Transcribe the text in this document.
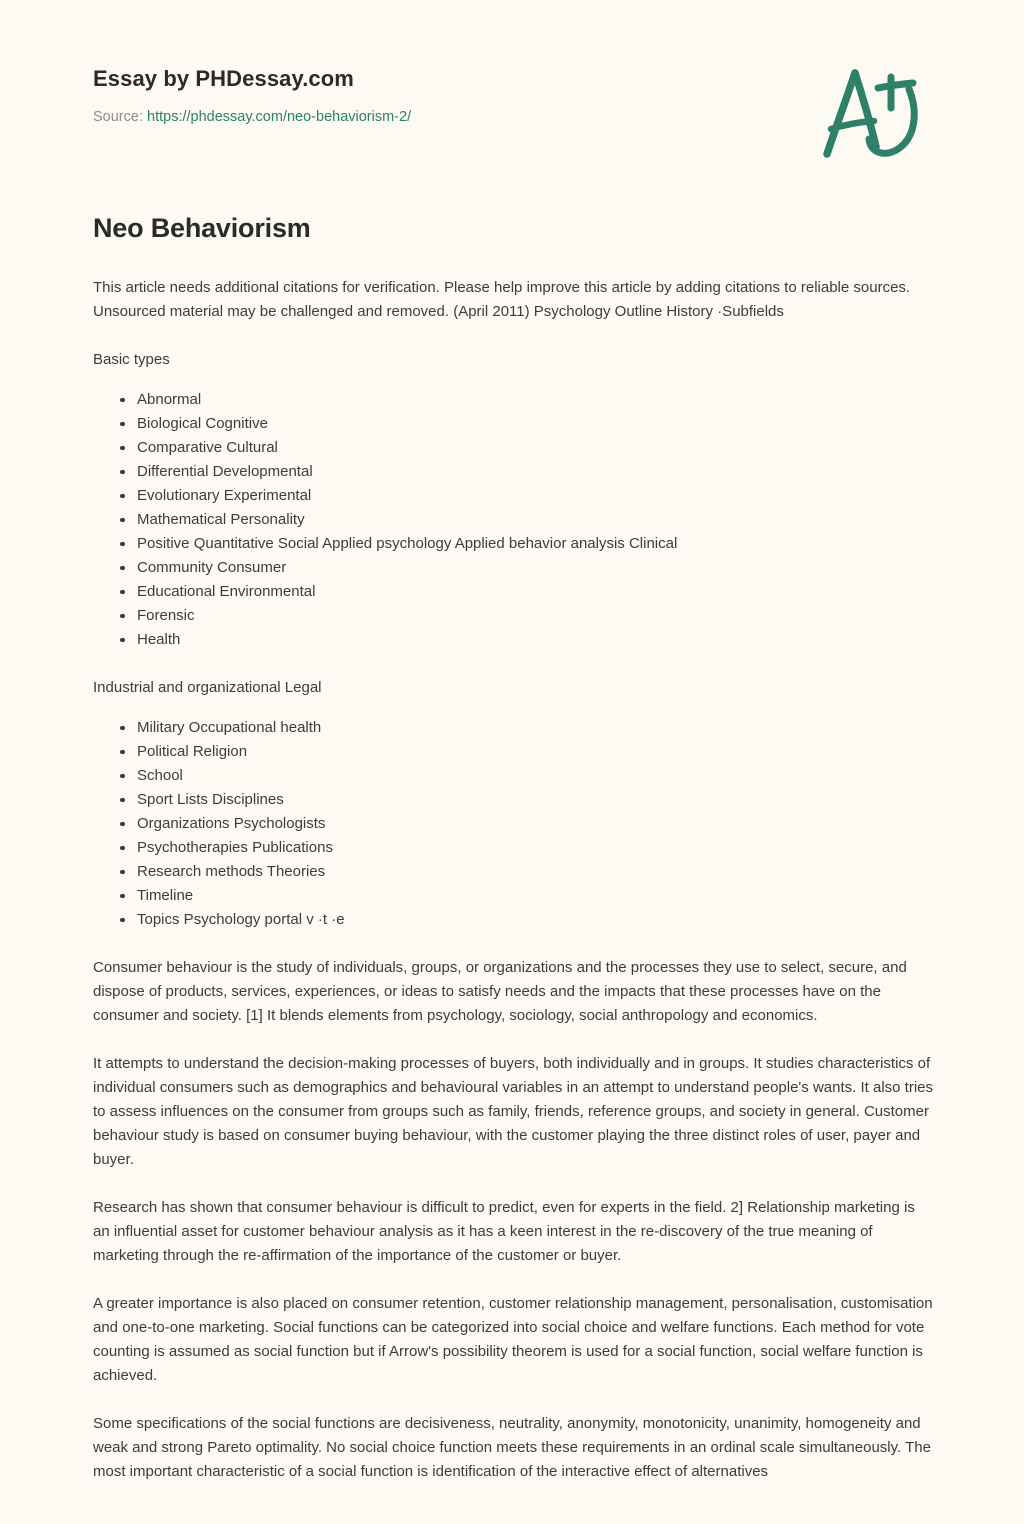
Essay by PHDessay.com
Source: https://phdessay.com/neo-behaviorism-2/
Neo Behaviorism

This article needs additional citations for verification. Please help improve this article by adding citations to reliable sources. Unsourced material may be challenged and removed. (April 2011) Psychology Outline History ·Subfields

Basic types

Abnormal
Biological Cognitive
Comparative Cultural
Differential Developmental
Evolutionary Experimental
Mathematical Personality
Positive Quantitative Social Applied psychology Applied behavior analysis Clinical
Community Consumer
Educational Environmental
Forensic
Health

Industrial and organizational Legal

Military Occupational health
Political Religion
School
Sport Lists Disciplines
Organizations Psychologists
Psychotherapies Publications
Research methods Theories
Timeline
Topics Psychology portal v ·t ·e

Consumer behaviour is the study of individuals, groups, or organizations and the processes they use to select, secure, and dispose of products, services, experiences, or ideas to satisfy needs and the impacts that these processes have on the consumer and society. [1] It blends elements from psychology, sociology, social anthropology and economics.

It attempts to understand the decision-making processes of buyers, both individually and in groups. It studies characteristics of individual consumers such as demographics and behavioural variables in an attempt to understand people's wants. It also tries to assess influences on the consumer from groups such as family, friends, reference groups, and society in general. Customer behaviour study is based on consumer buying behaviour, with the customer playing the three distinct roles of user, payer and buyer.

Research has shown that consumer behaviour is difficult to predict, even for experts in the field. 2] Relationship marketing is an influential asset for customer behaviour analysis as it has a keen interest in the re-discovery of the true meaning of marketing through the re-affirmation of the importance of the customer or buyer.

A greater importance is also placed on consumer retention, customer relationship management, personalisation, customisation and one-to-one marketing. Social functions can be categorized into social choice and welfare functions. Each method for vote counting is assumed as social function but if Arrow's possibility theorem is used for a social function, social welfare function is achieved.

Some specifications of the social functions are decisiveness, neutrality, anonymity, monotonicity, unanimity, homogeneity and weak and strong Pareto optimality. No social choice function meets these requirements in an ordinal scale simultaneously. The most important characteristic of a social function is identification of the interactive effect of alternatives
